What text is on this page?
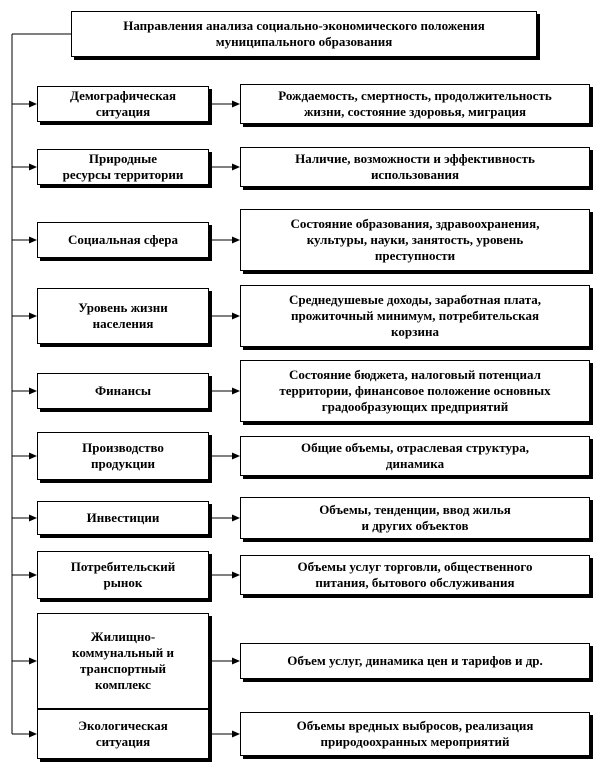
Направления анализа социально-экономического положения
муниципального образования
Демографическая
ситуация
Рождаемость, смертность, продолжительность
жизни, состояние здоровья, миграция
Природные
ресурсы территории
Наличие, возможности и эффективность
использования
Социальная сфера
Состояние образования, здравоохранения,
культуры, науки, занятость, уровень
преступности
Уровень жизни
населения
Среднедушевые доходы, заработная плата,
прожиточный минимум, потребительская
корзина
Финансы
Состояние бюджета, налоговый потенциал
территории, финансовое положение основных
градообразующих предприятий
Производство
продукции
Общие объемы, отраслевая структура,
динамика
Инвестиции
Объемы, тенденции, ввод жилья
и других объектов
Потребительский
рынок
Объемы услуг торговли, общественного
питания, бытового обслуживания
Жилищно-
коммунальный и
транспортный
комплекс
Объем услуг, динамика цен и тарифов и др.
Экологическая
ситуация
Объемы вредных выбросов, реализация
природоохранных мероприятий
